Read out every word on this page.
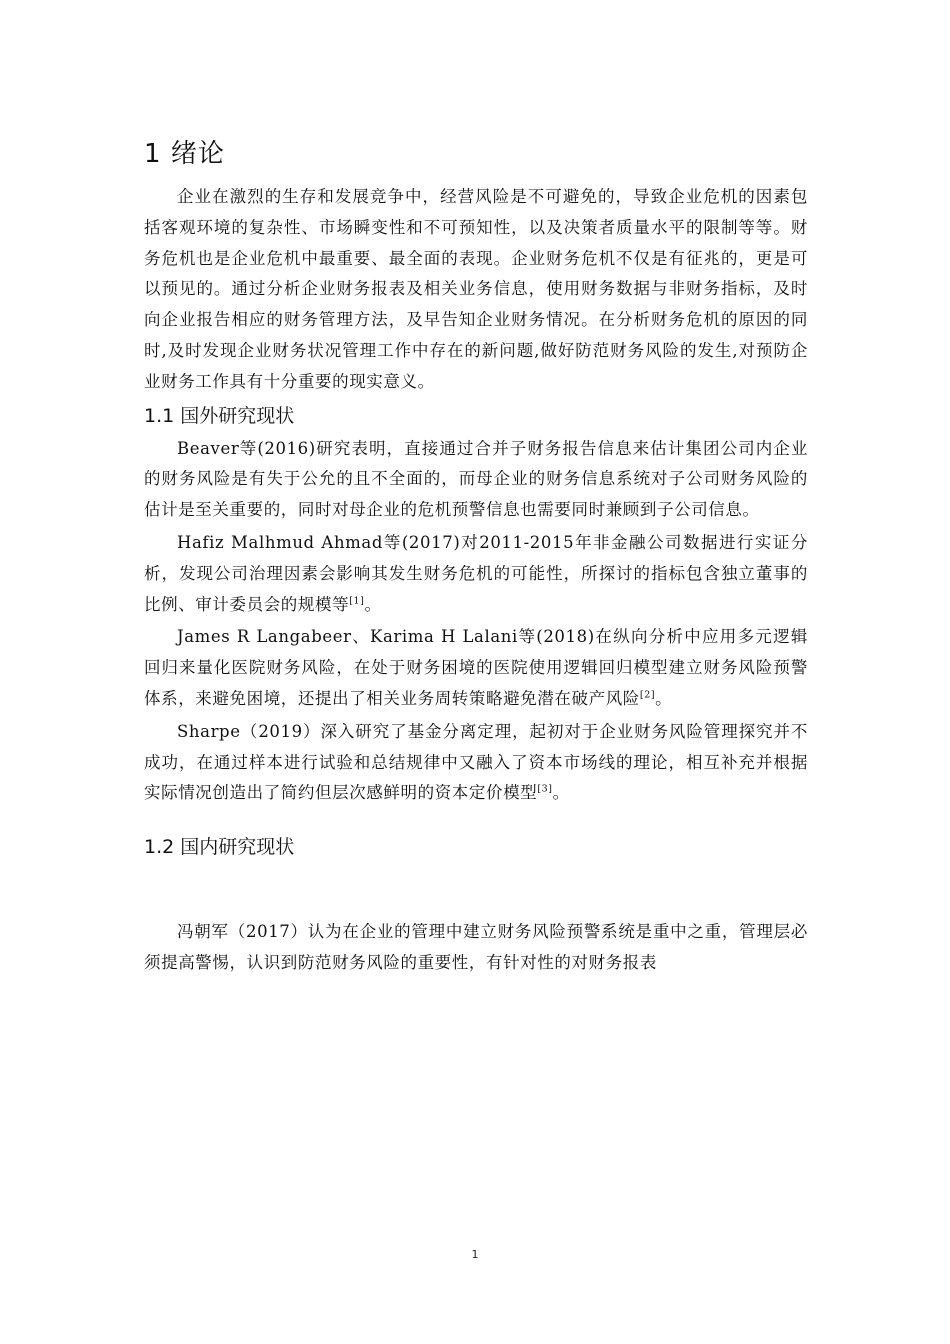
1 绪论

企业在激烈的生存和发展竞争中，经营风险是不可避免的，导致企业危机的因素包括客观环境的复杂性、市场瞬变性和不可预知性，以及决策者质量水平的限制等等。财务危机也是企业危机中最重要、最全面的表现。企业财务危机不仅是有征兆的，更是可以预见的。通过分析企业财务报表及相关业务信息，使用财务数据与非财务指标，及时向企业报告相应的财务管理方法，及早告知企业财务情况。在分析财务危机的原因的同时,及时发现企业财务状况管理工作中存在的新问题,做好防范财务风险的发生,对预防企业财务工作具有十分重要的现实意义。

1.1 国外研究现状

Beaver等(2016)研究表明，直接通过合并子财务报告信息来估计集团公司内企业的财务风险是有失于公允的且不全面的，而母企业的财务信息系统对子公司财务风险的估计是至关重要的，同时对母企业的危机预警信息也需要同时兼顾到子公司信息。

Hafiz Malhmud Ahmad等(2017)对2011-2015年非金融公司数据进行实证分析，发现公司治理因素会影响其发生财务危机的可能性，所探讨的指标包含独立董事的比例、审计委员会的规模等[1]。

James R Langabeer、Karima H Lalani等(2018)在纵向分析中应用多元逻辑回归来量化医院财务风险，在处于财务困境的医院使用逻辑回归模型建立财务风险预警体系，来避免困境，还提出了相关业务周转策略避免潜在破产风险[2]。

Sharpe（2019）深入研究了基金分离定理，起初对于企业财务风险管理探究并不成功，在通过样本进行试验和总结规律中又融入了资本市场线的理论，相互补充并根据实际情况创造出了简约但层次感鲜明的资本定价模型[3]。

1.2 国内研究现状

冯朝军（2017）认为在企业的管理中建立财务风险预警系统是重中之重，管理层必须提高警惕，认识到防范财务风险的重要性，有针对性的对财务报表

1
